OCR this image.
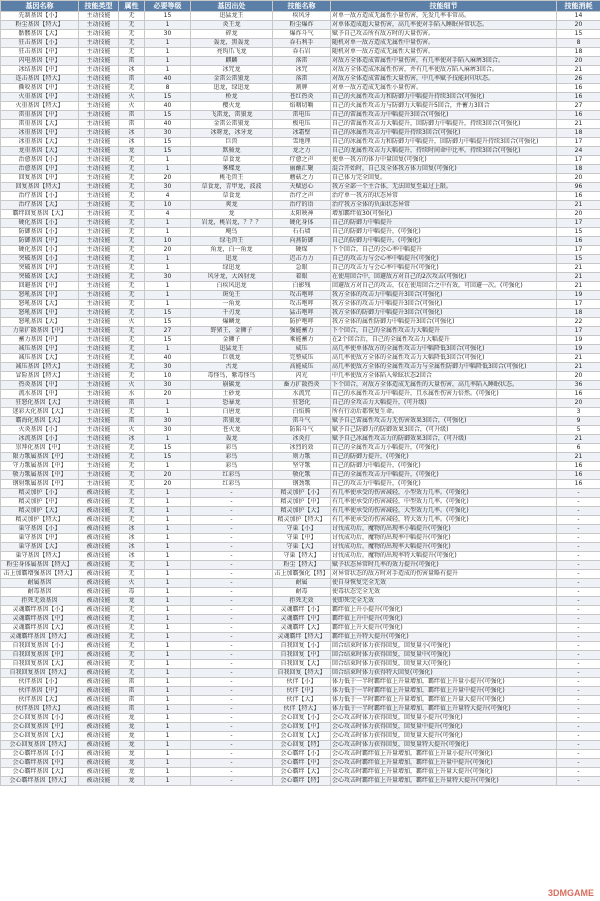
基因名称	技能类型	属性	必要等级	基因出处	技能名称	技能细节	技能消耗
先制基因【小】	主动技能	无	15	迅猛龙王	疾风牙	对单一敌方造成无属性小量伤害，先发几率非常高。	14
粉尘基因【特大】	主动技能	无	1	炎王龙	粉尘爆炸	对单体造成超大量伤害，高几率使对手陷入睡眠异常状态。	20
骷髅基因【大】	主动技能	无	30	碎龙	爆炸斗气	赋予自己攻击所有敌方时的大量伤害。	15
狂击基因【小】	主动技能	无	1	轰龙，黑轰龙	吞石利手	随机对单一敌方造成无属性中量伤害。	8
狂击基因【中】	主动技能	无	1	亮钩爪飞龙	吞石岩	随机对单一敌方造成无属性大量伤害。	18
闪电基因【中】	主动技能	雷	1	麒麟	落雷	对敌方全体造成雷属性中量伤害，有几率使对手陷入麻痹3回合。	20
冰结基因【中】	主动技能	冰	1	冰咒龙	冰咒	对敌方全体造成冰属性伤害，并有几率使敌方陷入麻痹3回合。	21
连击基因【特大】	主动技能	雷	40	金雷公雷狼龙	落雷	对敌方全体造成雷属性大量伤害，中几率赋予技能封印状态。	26
撕咬基因【中】	主动技能	无	8	迅龙，绿迅龙	割牌	对单一敌方造成无属性小量伤害。	16
火重基因【中】	主动技能	火	15	桥龙	苍红热炎	自己的火属性攻击力和防御力中幅提升持续3回合(可强化)	16
火重基因【特大】	主动技能	火	40	樱火龙	焰咽切嚼	自己的火属性攻击力与防御力大幅提升5回合，并蓄力3回合	27
雷重基因【中】	主动技能	雷	15	飞雷龙，雷狼龙	雷电压	自己的雷属性攻击力中幅提升3回合(可强化)	16
雷重基因【大】	主动技能	雷	40	金雷公雷狼龙	极电压	自己的雷属性攻击力大幅提升，回防御力中幅提升，持续3回合(可强化)	21
冰重基因【中】	主动技能	冰	30	冰呀龙，冰牙龙	冰霜壁	自己的冰属性攻击力中幅提升持续3回合(可强化)	18
冰重基因【大】	主动技能	冰	15	巨兽	雪地理	自己的冰属性攻击力和防御力中幅提升，回防御力中幅提升持续3回合(可强化)	17
龙重基因【大】	主动技能	龙	15	默骑龙	龙之力	自己的龙属性攻击力大幅提升，持续时间命中比率，持续3回合(可强化)	24
治愈基因【小】	主动技能	无	1	草食龙	疗愈之声	使单一我方的体力中量回复(可强化)	17
治愈基因【中】	主动技能	无	1	雾蝶龙	丽蘸汇聚	混合开始时，自己及全体我方体力回复(可强化)	18
回复基因【中】	主动技能	无	20	桃毛兽王	蘑菇之力	自己体力完全回复。	20
回复基因【特大】	主动技能	无	30	草食龙，青甲龙，波波	天赋恩心	我方全部一个主合体，无法回复至最过上限。	96
治疗基因【小】	主动技能	无	4	草食龙	治疗之声	治疗单一我方的状态异常	16
治疗基因【大】	主动技能	无	10	爽龙	治疗的语	治疗我方全体的负面状态异常	21
霸绊回复基因【大】	主动技能	无	4	龙	太阳映神	增加霸绊值30(可强化)	20
硬化基因【小】	主动技能	无	1	岩龙，桃岩龙，？？？	硬化身体	自己的防御力中幅提升	17
防御基因【小】	主动技能	无	1	飓鸟	石石墙	自己的防御力中幅提升，(可强化)	15
防御基因【中】	主动技能	无	10	绿毛兽王	向燕防御	自己的防御力中幅提升，(可强化)	16
硬化基因【小】	主动技能	无	20	角龙，白一角龙	硬煤	下个回合，自己的会心率中幅提升	17
突破基因【小】	主动技能	无	1	迅龙	迟击力力	自己的攻击力与会心率中幅提升(可强化)	15
突破基因【中】	主动技能	无	1	绿迅龙	急眼	自己的攻击力与会心率中幅提升(可强化)	21
突破基因【大】	主动技能	无	30	风牙龙，大凶豺龙	着眼	在使用回合中，回避敌方对自己的2次攻击(可强化)	21
回避基因【中】	主动技能	无	1	白疾风迅龙	白影残	回避敌方对自己的攻击，仅在使用回合之中有效，可回避一次。(可强化)	21
怒吼基因【中】	主动技能	无	1	斑兔王	攻击咆哮	我方全体的攻击力中幅提升3回合(可强化)	19
怒吼基因【大】	主动技能	无	1	一角龙	攻击咆哮	我方全体的攻击力中幅提升3回合(可强化)	17
怒吼基因【中】	主动技能	无	15	千刃龙	猛击咆哮	我方全体的防御力中幅提升3回合(可强化)	18
怒吼基因【大】	主动技能	火	15	爆鳞龙	防护咆哮	我方全体的属性防御力中幅提升3回合(可强化)	22
力量扩散基因【中】	主动技能	无	27	野猪王，金狮子	强能蓄力	下个回合，自己的全属性攻击力大幅提升	17
蓄力基因【中】	主动技能	无	15	金狮子	乘能蓄力	在2个回合后，自己的全属性攻击力大幅提升	19
减压基因【中】	主动技能	无	1	迅猛龙王	威压	高几率使单体敌方的全属性攻击力中幅降低3回合(可强化)	19
减压基因【大】	主动技能	无	40	巨戟龙	完整威压	高几率使敌方全体的全属性攻击力大幅降低3回合(可强化)	21
减压基因【特大】	主动技能	无	30	古龙	高能威压	高几率使敌方全体的全属性攻击力与全属性防御力中幅降低3回合(可强化)	21
冒险基因【特大】	主动技能	无	10	毒怪鸟，紫毒怪鸟	闪光	中几率使敌方全体陷入晕眩状态2回合	20
热炎基因【中】	主动技能	火	30	崩碳龙	畜力扩散热炎	下个回合，对敌方全体造成无属性的大量伤害，高几率陷入睡眠状态。	36
流水基因【中】	主动技能	水	20	土砂龙	水流咒	自己的水属性攻击力中幅提升，且水属性伤害力倍然。(可强化)	16
狂怒化基因【大】	主动技能	雷	1	恐暴龙	狂怒化	自己的全攻击力大幅提升，(可升级)	20
迷彩大化基因【大】	主动技能	无	1	白唐龙	白焰腾	所有行动后都恢复生命。	3
霸海化基因【大】	主动技能	雷	30	雷狼龙	雷斗气	赋予自己雷属性攻击力无伤害效果3回合，(可强化)	9
火炎基因【小】	主动技能	火	30	苍火龙	防陷斗气	赋予自己防御力的防御效果3回合，(可升级)	5
冰流基因【小】	主动技能	冰	1	轰龙	冰炎打	赋予自己冰属性攻击力的防御效果3回合，(可升级)	21
崇拜化基因【中】	主动技能	无	15	彩鸟	冰烈的效	自己的全属性攻击力小幅提升，(可强化)	6
限力歌属基因【中】	主动技能	无	15	彩鸟	则力歌	自己的防御力提升，(可强化)	21
守力歌属基因【中】	主动技能	无	1	彩鸟	坚守歌	自己的防御力中幅提升，(可强化)	16
敬力歌属基因【中】	主动技能	无	20	红彩鸟	敬化歌	自己的全属性攻击力中幅提升，(可强化)	16
钢射歌属基因【中】	主动技能	无	20	红彩鸟	钢劲歌	自己的攻击力中幅提升，(可强化)	16
精灵加护【小】	被动技能	无	1	-	精灵加护【小】	有几率使承受的伤害减轻，小型效力几率。(可强化)	-
精灵加护【中】	被动技能	无	1	-	精灵加护【中】	有几率使承受的伤害减轻，中型效力几率。(可强化)	-
精灵加护【大】	被动技能	无	1	-	精灵加护【大】	有几率使承受的伤害减轻，大型效力几率。(可强化)	-
精灵加护【特大】	被动技能	无	1	-	精灵加护【特大】	有几率使承受的伤害减轻，特大效力几率。(可强化)	-
巢守基因【小】	被动技能	冰	1	-	守巢【小】	讨伐成功后，魔物的出现率小幅提升(可强化)	-
巢守基因【中】	被动技能	冰	1	-	守巢【中】	讨伐成功后，魔物的出现率中幅提升(可强化)	-
巢守基因【大】	被动技能	冰	1	-	守巢【大】	讨伐成功后，魔物的出现率大幅提升(可强化)	-
巢守基因【特大】	被动技能	冰	1	-	守巢【特大】	讨伐成功后，魔物的出现率特大幅提升(可强化)	-
粉尘身体属基因【特大】	被动技能	无	1	-	粉尘【特大】	赋予状态异常时几率的效力提升(可强化)	-
击上加霸增强基因【特大】	被动技能	无	1	-	击上加霸强化【特】	对异常状态的敌方时对手造成的伤害量略有提升	-
耐属基因	被动技能	火	1	-	耐属	使自身恢复完全无效	-
耐毒基因	被动技能	毒	1	-	耐毒	使毒状态完全无效	-
拒死无效基因	被动技能	龙	1	-	拒死无效	使即死完全无效	-
灵魂霸绊基因【小】	被动技能	无	1	-	灵魂霸绊【小】	霸绊值上升小提升(可强化)	-
灵魂霸绊基因【中】	被动技能	无	1	-	灵魂霸绊【中】	霸绊值上升中提升(可强化)	-
灵魂霸绊基因【大】	被动技能	无	1	-	灵魂霸绊【大】	霸绊值上升大提升(可强化)	-
灵魂霸绊基因【特大】	被动技能	无	1	-	灵魂霸绊【特大】	霸绊值上升特大提升(可强化)	-
自我回复基因【小】	被动技能	无	1	-	自我回复【小】	回合结束时体力获得回复，回复量小(可强化)	-
自我回复基因【中】	被动技能	无	1	-	自我回复【中】	回合结束时体力获得回复，回复量中(可强化)	-
自我回复基因【大】	被动技能	无	1	-	自我回复【大】	回合结束时体力获得回复，回复量大(可强化)	-
自我回复基因【特大】	被动技能	无	1	-	自我回复【特大】	回合结束时体力获得特大回复(可强化)	-
伙伴基因【小】	被动技能	雷	1	-	伙伴【小】	体力低于一半时霸绊值上升量增加，霸绊值上升量小提升(可强化)	-
伙伴基因【中】	被动技能	雷	1	-	伙伴【中】	体力低于一半时霸绊值上升量增加，霸绊值上升量中提升(可强化)	-
伙伴基因【大】	被动技能	雷	1	-	伙伴【大】	体力低于一半时霸绊值上升量增加，霸绊值上升量大提升(可强化)	-
伙伴基因【特大】	被动技能	雷	1	-	伙伴【特大】	体力低于一半时霸绊值上升量增加，霸绊值上升量特大提升(可强化)	-
会心回复基因【小】	被动技能	龙	1	-	会心回复【小】	会心攻击时体力获得回复，回复量小提升(可强化)	-
会心回复基因【中】	被动技能	龙	1	-	会心回复【中】	会心攻击时体力获得回复，回复量中提升(可强化)	-
会心回复基因【大】	被动技能	龙	1	-	会心回复【大】	会心攻击时体力获得回复，回复量大提升(可强化)	-
会心回复基因【特大】	被动技能	龙	1	-	会心回复【特】	会心攻击时体力获得回复，回复量特大提升(可强化)	-
会心霸绊基因【小】	被动技能	龙	1	-	会心霸绊【小】	会心攻击时霸绊值上升量增加，霸绊值上升量小提升(可强化)	-
会心霸绊基因【中】	被动技能	龙	1	-	会心霸绊【中】	会心攻击时霸绊值上升量增加，霸绊值上升量中提升(可强化)	-
会心霸绊基因【大】	被动技能	龙	1	-	会心霸绊【大】	会心攻击时霸绊值上升量增加，霸绊值上升量大提升(可强化)	-
会心霸绊基因【特大】	被动技能	龙	1	-	会心霸绊【特】	会心攻击时霸绊值上升量增加，霸绊值上升量特大提升(可强化)	-
3DMGAME
